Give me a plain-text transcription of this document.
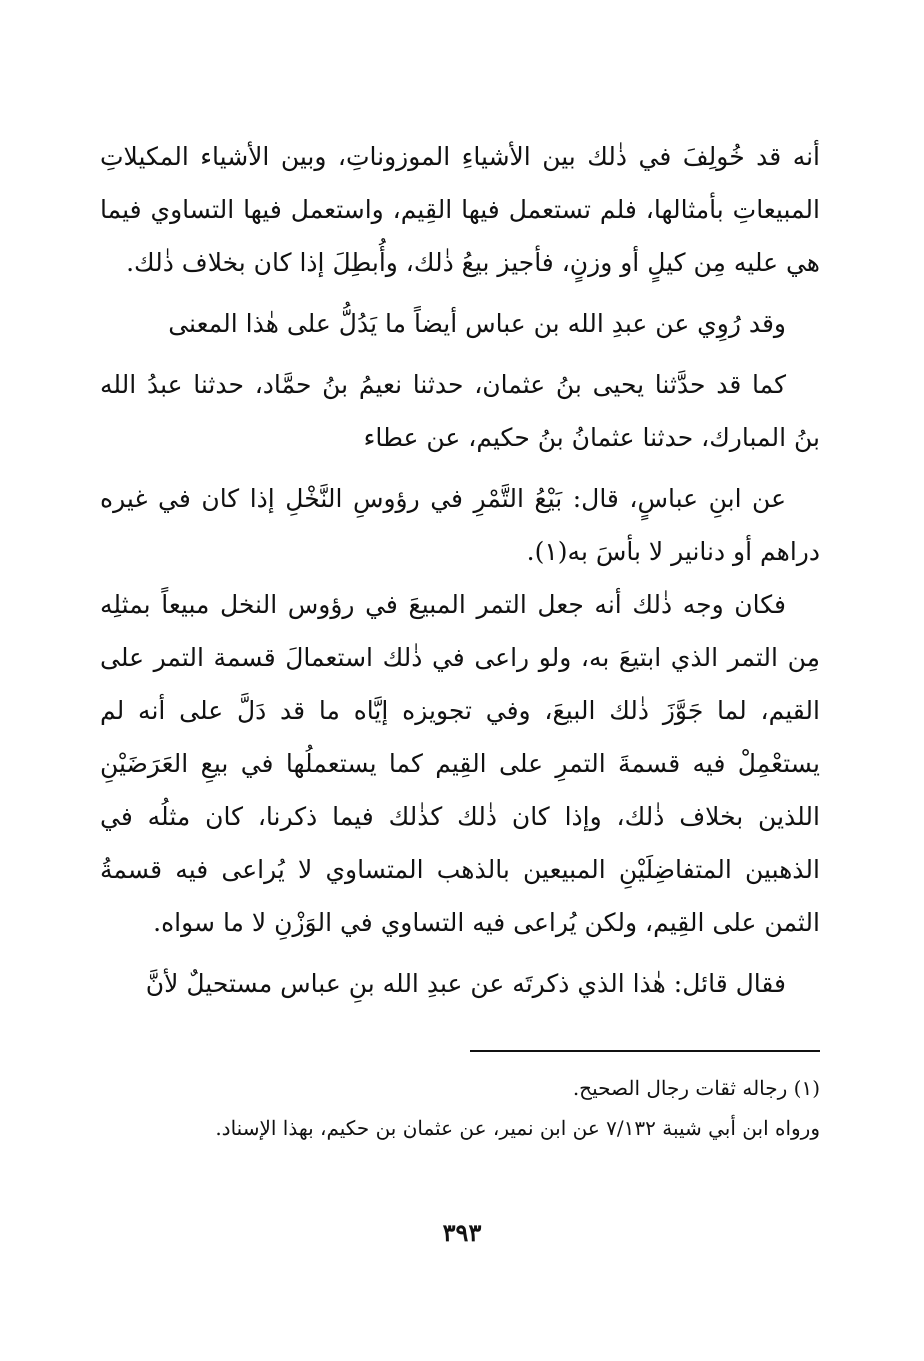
أنه قد خُولِفَ في ذٰلك بين الأشياءِ الموزوناتِ، وبين الأشياء المكيلاتِ المبيعاتِ بأمثالها، فلم تستعمل فيها القِيم، واستعمل فيها التساوي فيما هي عليه مِن كيلٍ أو وزنٍ، فأجيز بيعُ ذٰلك، وأُبطِلَ إذا كان بخلاف ذٰلك.

وقد رُوِي عن عبدِ الله بن عباس أيضاً ما يَدُلُّ على هٰذا المعنى

كما قد حدَّثنا يحيى بنُ عثمان، حدثنا نعيمُ بنُ حمَّاد، حدثنا عبدُ الله بنُ المبارك، حدثنا عثمانُ بنُ حكيم، عن عطاء

عن ابنِ عباسٍ، قال: بَيْعُ التَّمْرِ في رؤوسِ النَّخْلِ إذا كان في غيره دراهم أو دنانير لا بأسَ به(١).

فكان وجه ذٰلك أنه جعل التمر المبيعَ في رؤوس النخل مبيعاً بمثلِه مِن التمر الذي ابتيعَ به، ولو راعى في ذٰلك استعمالَ قسمة التمر على القيم، لما جَوَّزَ ذٰلك البيعَ، وفي تجويزه إيَّاه ما قد دَلَّ على أنه لم يستعْمِلْ فيه قسمةَ التمرِ على القِيم كما يستعملُها في بيعِ العَرَضَيْنِ اللذين بخلاف ذٰلك، وإذا كان ذٰلك كذٰلك فيما ذكرنا، كان مثلُه في الذهبين المتفاضِلَيْنِ المبيعين بالذهب المتساوي لا يُراعى فيه قسمةُ الثمن على القِيم، ولكن يُراعى فيه التساوي في الوَزْنِ لا ما سواه.

فقال قائل: هٰذا الذي ذكرتَه عن عبدِ الله بنِ عباس مستحيلٌ لأنَّ

(١) رجاله ثقات رجال الصحيح.

ورواه ابن أبي شيبة ٧/١٣٢ عن ابن نمير، عن عثمان بن حكيم، بهذا الإسناد.

٣٩٣
